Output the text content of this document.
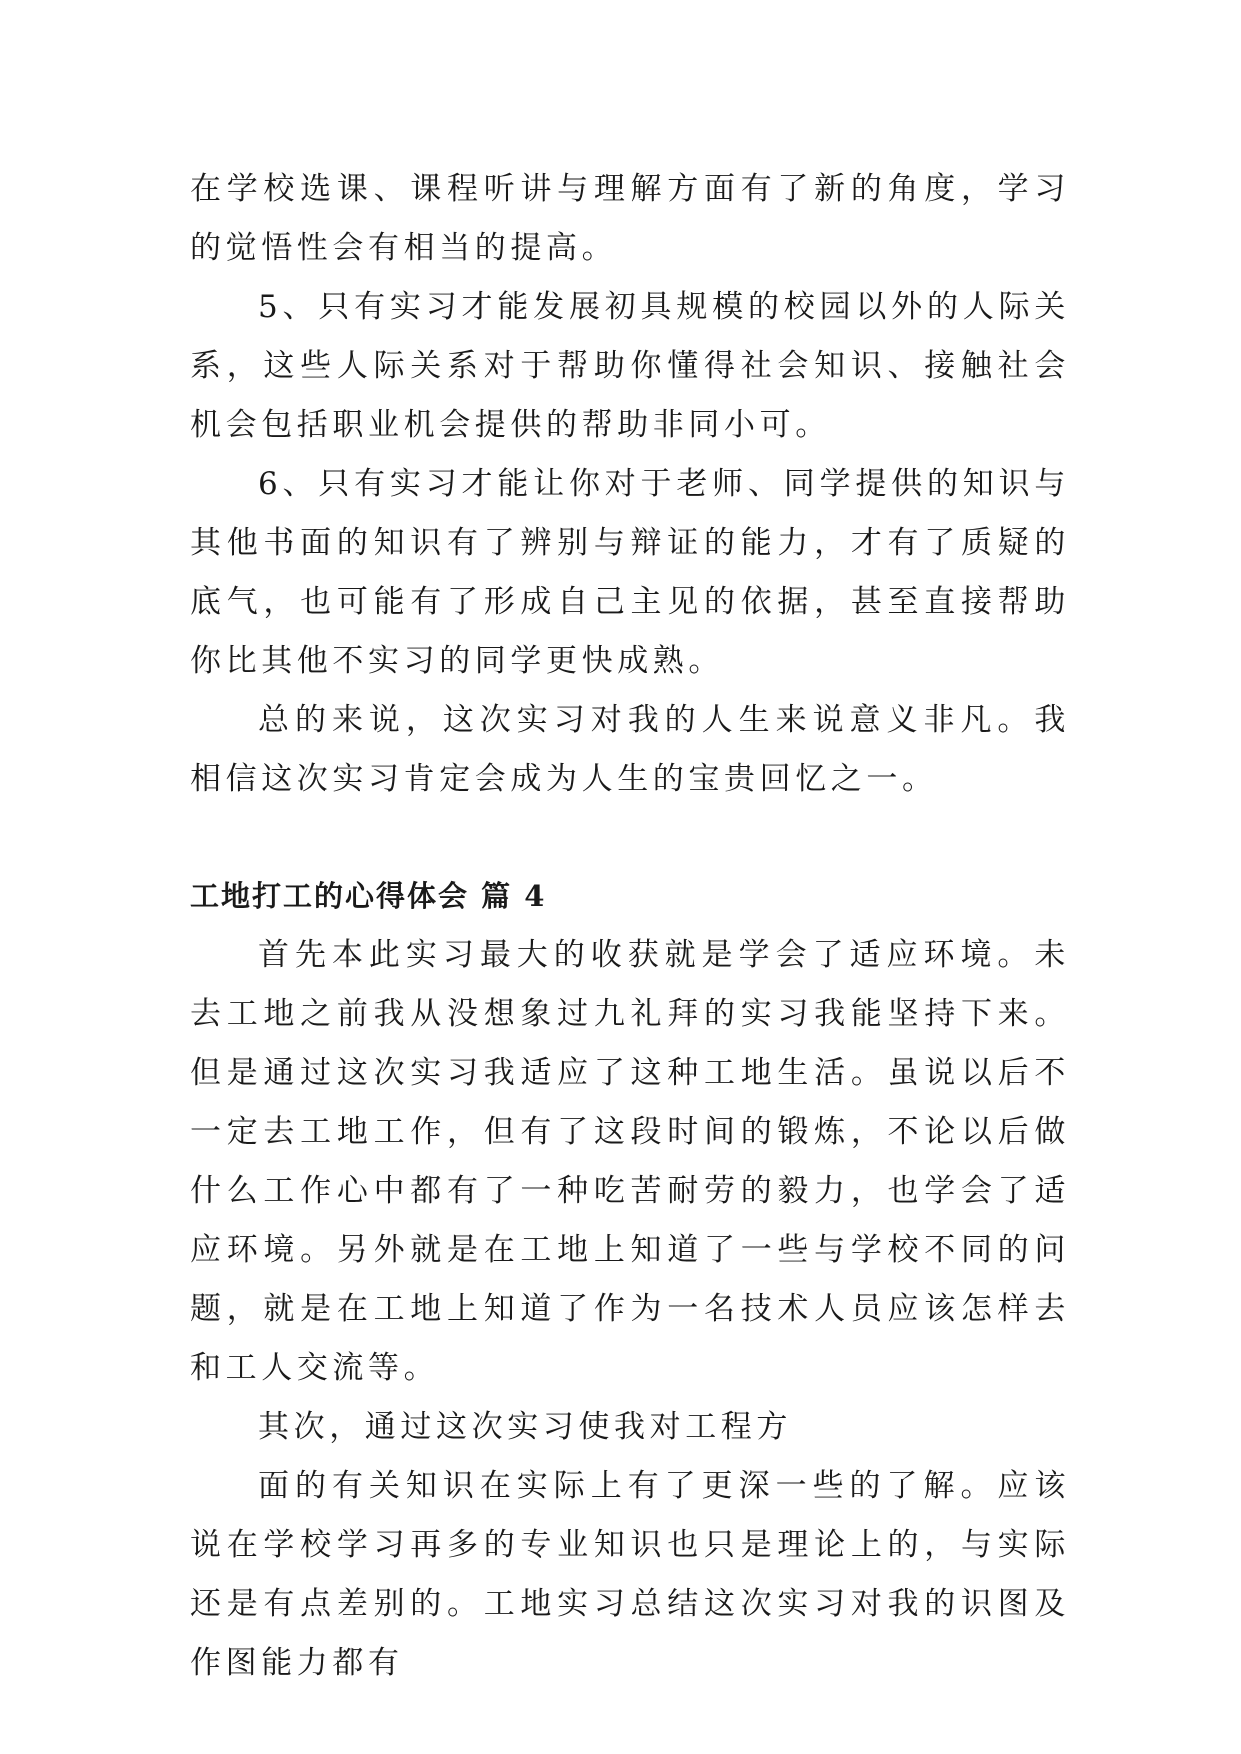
在学校选课、课程听讲与理解方面有了新的角度，学习的觉悟性会有相当的提高。

5、只有实习才能发展初具规模的校园以外的人际关系，这些人际关系对于帮助你懂得社会知识、接触社会机会包括职业机会提供的帮助非同小可。

6、只有实习才能让你对于老师、同学提供的知识与其他书面的知识有了辨别与辩证的能力，才有了质疑的底气，也可能有了形成自己主见的依据，甚至直接帮助你比其他不实习的同学更快成熟。

总的来说，这次实习对我的人生来说意义非凡。我相信这次实习肯定会成为人生的宝贵回忆之一。

工地打工的心得体会 篇 4

首先本此实习最大的收获就是学会了适应环境。未去工地之前我从没想象过九礼拜的实习我能坚持下来。但是通过这次实习我适应了这种工地生活。虽说以后不一定去工地工作，但有了这段时间的锻炼，不论以后做什么工作心中都有了一种吃苦耐劳的毅力，也学会了适应环境。另外就是在工地上知道了一些与学校不同的问题，就是在工地上知道了作为一名技术人员应该怎样去和工人交流等。

其次，通过这次实习使我对工程方

面的有关知识在实际上有了更深一些的了解。应该说在学校学习再多的专业知识也只是理论上的，与实际还是有点差别的。工地实习总结这次实习对我的识图及作图能力都有
